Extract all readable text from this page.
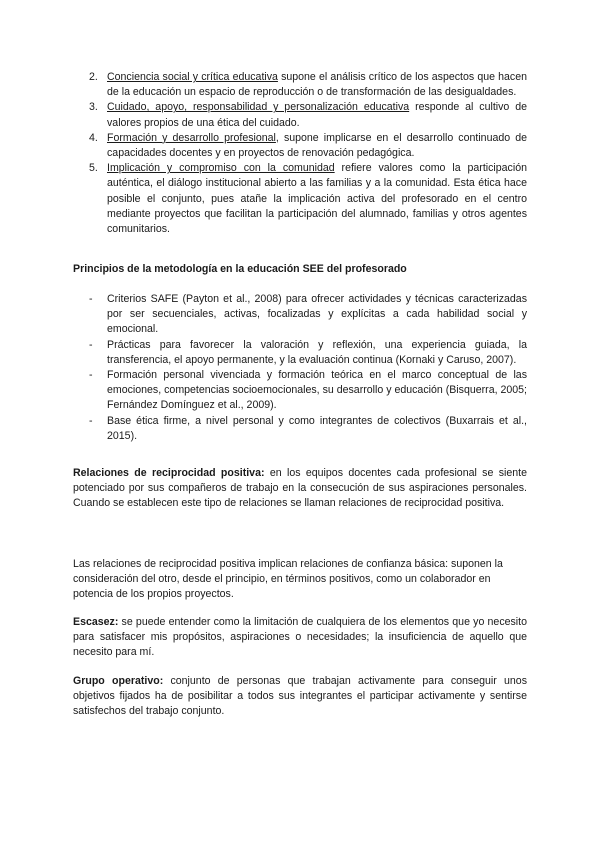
2. Conciencia social y crítica educativa supone el análisis crítico de los aspectos que hacen de la educación un espacio de reproducción o de transformación de las desigualdades.
3. Cuidado, apoyo, responsabilidad y personalización educativa responde al cultivo de valores propios de una ética del cuidado.
4. Formación y desarrollo profesional, supone implicarse en el desarrollo continuado de capacidades docentes y en proyectos de renovación pedagógica.
5. Implicación y compromiso con la comunidad refiere valores como la participación auténtica, el diálogo institucional abierto a las familias y a la comunidad. Esta ética hace posible el conjunto, pues atañe la implicación activa del profesorado en el centro mediante proyectos que facilitan la participación del alumnado, familias y otros agentes comunitarios.
Principios de la metodología en la educación SEE del profesorado
- Criterios SAFE (Payton et al., 2008) para ofrecer actividades y técnicas caracterizadas por ser secuenciales, activas, focalizadas y explícitas a cada habilidad social y emocional.
- Prácticas para favorecer la valoración y reflexión, una experiencia guiada, la transferencia, el apoyo permanente, y la evaluación continua (Kornaki y Caruso, 2007).
- Formación personal vivenciada y formación teórica en el marco conceptual de las emociones, competencias socioemocionales, su desarrollo y educación (Bisquerra, 2005; Fernández Domínguez et al., 2009).
- Base ética firme, a nivel personal y como integrantes de colectivos (Buxarrais et al., 2015).
Relaciones de reciprocidad positiva: en los equipos docentes cada profesional se siente potenciado por sus compañeros de trabajo en la consecución de sus aspiraciones personales. Cuando se establecen este tipo de relaciones se llaman relaciones de reciprocidad positiva.
Las relaciones de reciprocidad positiva implican relaciones de confianza básica: suponen la consideración del otro, desde el principio, en términos positivos, como un colaborador en potencia de los propios proyectos.
Escasez: se puede entender como la limitación de cualquiera de los elementos que yo necesito para satisfacer mis propósitos, aspiraciones o necesidades; la insuficiencia de aquello que necesito para mí.
Grupo operativo: conjunto de personas que trabajan activamente para conseguir unos objetivos fijados ha de posibilitar a todos sus integrantes el participar activamente y sentirse satisfechos del trabajo conjunto.
